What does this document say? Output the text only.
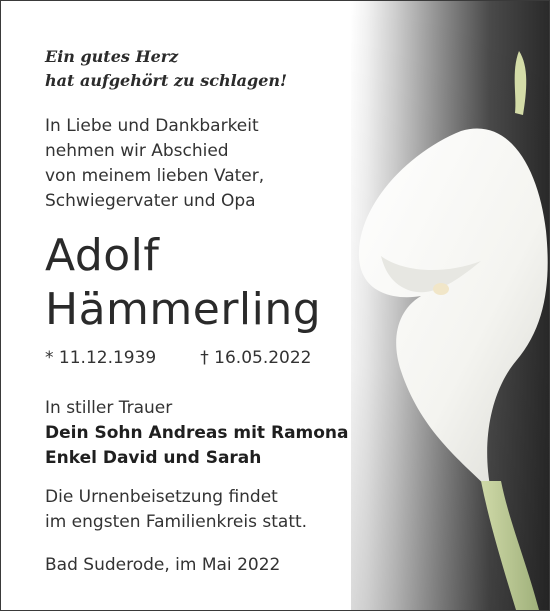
Ein gutes Herz
hat aufgehört zu schlagen!
In Liebe und Dankbarkeit
nehmen wir Abschied
von meinem lieben Vater,
Schwiegervater und Opa
Adolf
Hämmerling
* 11.12.1939	† 16.05.2022
In stiller Trauer
Dein Sohn Andreas mit Ramona
Enkel David und Sarah
Die Urnenbeisetzung findet
im engsten Familienkreis statt.
Bad Suderode, im Mai 2022
